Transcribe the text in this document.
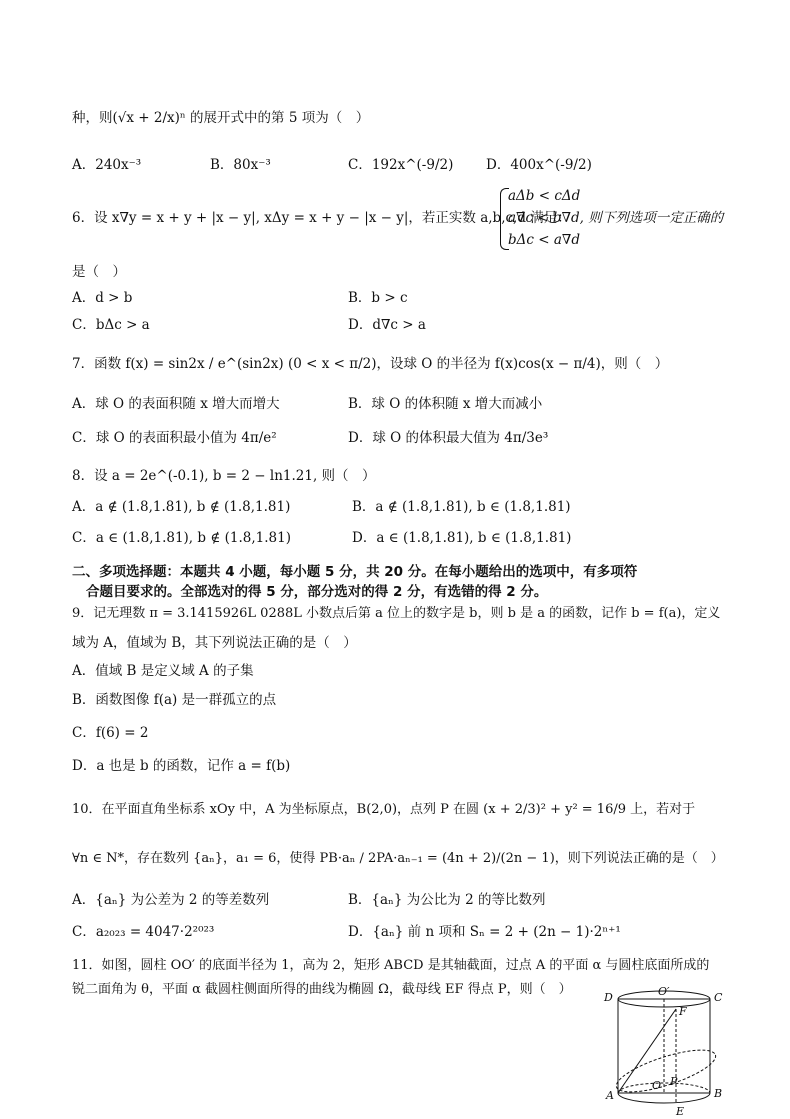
种，则(√x + 2/x)ⁿ 的展开式中的第 5 项为（　）
A．240x⁻³	B．80x⁻³	C．192x^(-9/2) D．400x^(-9/2)
6．设 x∇y = x + y + |x − y|, xΔy = x + y − |x − y|，若正实数 a,b,c,d 满足：
aΔb < cΔd
a∇c < b∇d, 则下列选项一定正确的
bΔc < a∇d
是（　）
A．d > b	B．b > c
C．bΔc > a	D．d∇c > a
7．函数 f(x) = sin2x / e^(sin2x) (0 < x < π/2)，设球 O 的半径为 f(x)cos(x − π/4)，则（　）
A．球 O 的表面积随 x 增大而增大	B．球 O 的体积随 x 增大而减小
C．球 O 的表面积最小值为 4π/e²	D．球 O 的体积最大值为 4π/3e³
8．设 a = 2e^(-0.1), b = 2 − ln1.21, 则（　）
A．a ∉ (1.8,1.81), b ∉ (1.8,1.81)	B．a ∉ (1.8,1.81), b ∈ (1.8,1.81)
C．a ∈ (1.8,1.81), b ∉ (1.8,1.81)	D．a ∈ (1.8,1.81), b ∈ (1.8,1.81)
二、多项选择题：本题共 4 小题，每小题 5 分，共 20 分。在每小题给出的选项中，有多项符
合题目要求的。全部选对的得 5 分，部分选对的得 2 分，有选错的得 2 分。
9．记无理数 π = 3.1415926L 0288L 小数点后第 a 位上的数字是 b，则 b 是 a 的函数，记作 b = f(a)，定义
域为 A，值域为 B，其下列说法正确的是（　）
A．值域 B 是定义域 A 的子集
B．函数图像 f(a) 是一群孤立的点
C．f(6) = 2
D．a 也是 b 的函数，记作 a = f(b)
10．在平面直角坐标系 xOy 中，A 为坐标原点，B(2,0)，点列 P 在圆 (x + 2/3)² + y² = 16/9 上，若对于
∀n ∈ N*，存在数列 {aₙ}，a₁ = 6，使得 PB·aₙ / 2PA·aₙ₋₁ = (4n + 2)/(2n − 1)，则下列说法正确的是（　）
A．{aₙ} 为公差为 2 的等差数列	B．{aₙ} 为公比为 2 的等比数列
C．a₂₀₂₃ = 4047·2²⁰²³	D．{aₙ} 前 n 项和 Sₙ = 2 + (2n − 1)·2ⁿ⁺¹
11．如图，圆柱 OO′ 的底面半径为 1，高为 2，矩形 ABCD 是其轴截面，过点 A 的平面 α 与圆柱底面所成的
锐二面角为 θ，平面 α 截圆柱侧面所得的曲线为椭圆 Ω，截母线 EF 得点 P，则（　）
D	O′	C
F
A
O P
B
E
